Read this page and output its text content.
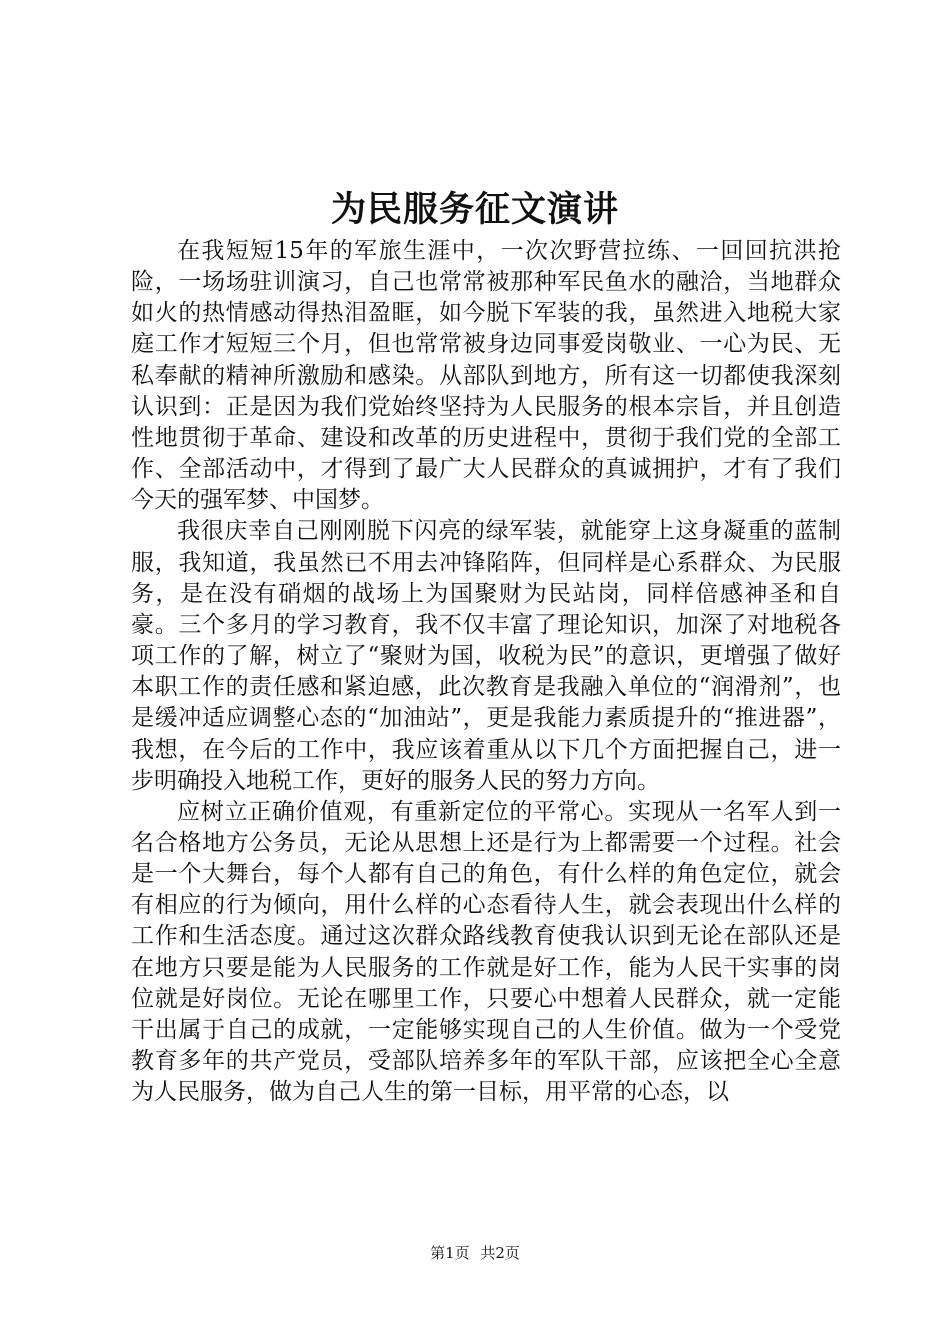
为民服务征文演讲

在我短短15年的军旅生涯中，一次次野营拉练、一回回抗洪抢险，一场场驻训演习，自己也常常被那种军民鱼水的融洽，当地群众如火的热情感动得热泪盈眶，如今脱下军装的我，虽然进入地税大家庭工作才短短三个月，但也常常被身边同事爱岗敬业、一心为民、无私奉献的精神所激励和感染。从部队到地方，所有这一切都使我深刻认识到：正是因为我们党始终坚持为人民服务的根本宗旨，并且创造性地贯彻于革命、建设和改革的历史进程中，贯彻于我们党的全部工作、全部活动中，才得到了最广大人民群众的真诚拥护，才有了我们今天的强军梦、中国梦。

我很庆幸自己刚刚脱下闪亮的绿军装，就能穿上这身凝重的蓝制服，我知道，我虽然已不用去冲锋陷阵，但同样是心系群众、为民服务，是在没有硝烟的战场上为国聚财为民站岗，同样倍感神圣和自豪。三个多月的学习教育，我不仅丰富了理论知识，加深了对地税各项工作的了解，树立了“聚财为国，收税为民”的意识，更增强了做好本职工作的责任感和紧迫感，此次教育是我融入单位的“润滑剂”，也是缓冲适应调整心态的“加油站”，更是我能力素质提升的“推进器”，我想，在今后的工作中，我应该着重从以下几个方面把握自己，进一步明确投入地税工作，更好的服务人民的努力方向。

应树立正确价值观，有重新定位的平常心。实现从一名军人到一名合格地方公务员，无论从思想上还是行为上都需要一个过程。社会是一个大舞台，每个人都有自己的角色，有什么样的角色定位，就会有相应的行为倾向，用什么样的心态看待人生，就会表现出什么样的工作和生活态度。通过这次群众路线教育使我认识到无论在部队还是在地方只要是能为人民服务的工作就是好工作，能为人民干实事的岗位就是好岗位。无论在哪里工作，只要心中想着人民群众，就一定能干出属于自己的成就，一定能够实现自己的人生价值。做为一个受党教育多年的共产党员，受部队培养多年的军队干部，应该把全心全意为人民服务，做为自己人生的第一目标，用平常的心态，以

第1页 共2页
